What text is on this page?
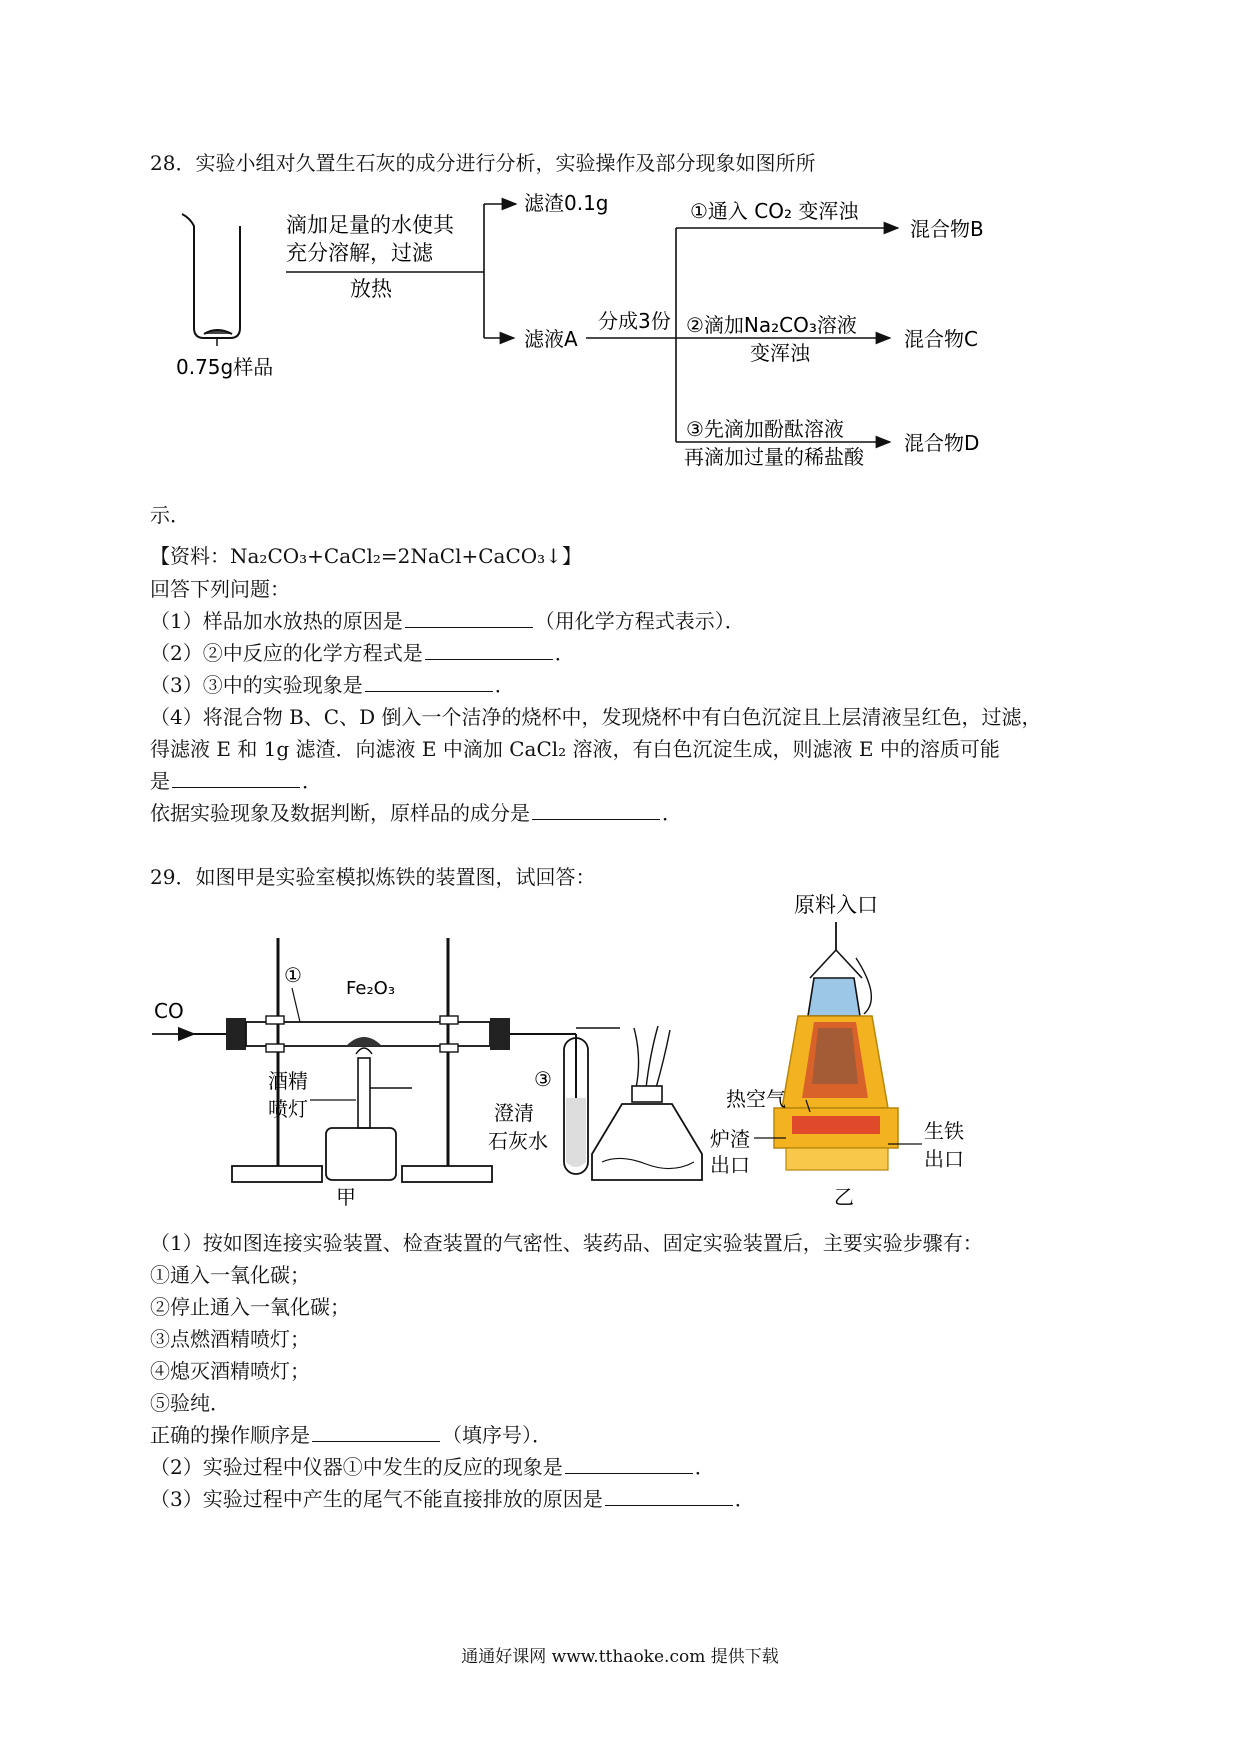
28．实验小组对久置生石灰的成分进行分析，实验操作及部分现象如图所所
0.75g样品
滴加足量的水使其
充分溶解，过滤
放热
滤渣0.1g
滤液A
分成3份
①通入 CO₂ 变浑浊
混合物B
②滴加Na₂CO₃溶液
变浑浊
混合物C
③先滴加酚酞溶液
再滴加过量的稀盐酸
混合物D
示．
【资料：Na₂CO₃+CaCl₂=2NaCl+CaCO₃↓】
回答下列问题：
（1）样品加水放热的原因是	（用化学方程式表示）．
（2）②中反应的化学方程式是	．
（3）③中的实验现象是	．
（4）将混合物 B、C、D 倒入一个洁净的烧杯中，发现烧杯中有白色沉淀且上层清液呈红色，过滤，
得滤液 E 和 1g 滤渣．向滤液 E 中滴加 CaCl₂ 溶液，有白色沉淀生成，则滤液 E 中的溶质可能
是	．
依据实验现象及数据判断，原样品的成分是	．
29．如图甲是实验室模拟炼铁的装置图，试回答：
CO
①
Fe₂O₃
酒精
喷灯
③
澄清
石灰水
甲
原料入口
热空气
炉渣
出口
生铁
出口
乙
（1）按如图连接实验装置、检查装置的气密性、装药品、固定实验装置后，主要实验步骤有：
①通入一氧化碳；
②停止通入一氧化碳；
③点燃酒精喷灯；
④熄灭酒精喷灯；
⑤验纯．
正确的操作顺序是	（填序号）．
（2）实验过程中仪器①中发生的反应的现象是	．
（3）实验过程中产生的尾气不能直接排放的原因是	．
通通好课网 www.tthaoke.com 提供下载
